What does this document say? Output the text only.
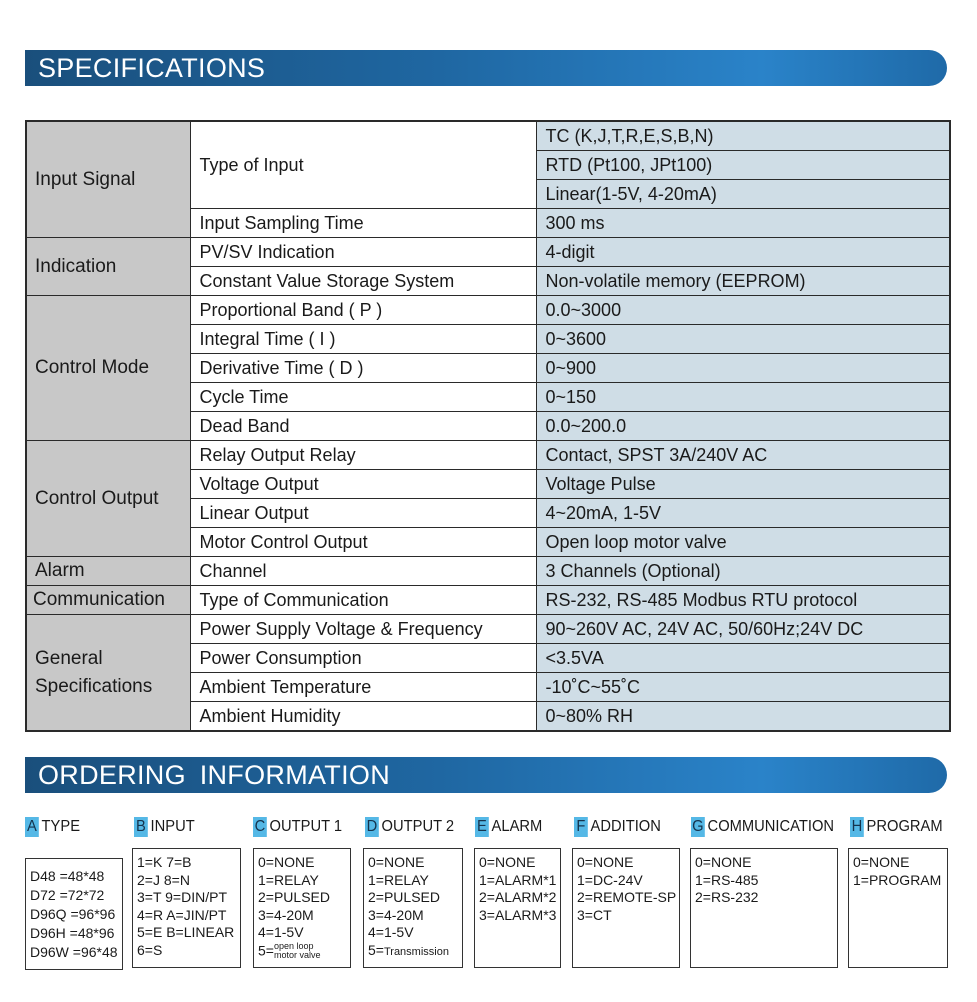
SPECIFICATIONS
Input Signal	Type of Input	TC (K,J,T,R,E,S,B,N)
		RTD (Pt100, JPt100)
		Linear(1-5V, 4-20mA)
	Input Sampling Time	300 ms
Indication	PV/SV Indication	4-digit
	Constant Value Storage System	Non-volatile memory (EEPROM)
Control Mode	Proportional Band ( P )	0.0~3000
	Integral Time ( I )	0~3600
	Derivative Time ( D )	0~900
	Cycle Time	0~150
	Dead Band	0.0~200.0
Control Output	Relay Output Relay	Contact, SPST 3A/240V AC
	Voltage Output	Voltage Pulse
	Linear Output	4~20mA, 1-5V
	Motor Control Output	Open loop motor valve
Alarm	Channel	3 Channels (Optional)
Communication	Type of Communication	RS-232, RS-485 Modbus RTU protocol
General
Specifications	Power Supply Voltage & Frequency	90~260V AC, 24V AC, 50/60Hz;24V DC
	Power Consumption	<3.5VA
	Ambient Temperature	-10˚C~55˚C
	Ambient Humidity	0~80% RH
ORDERING INFORMATION
A TYPE	B INPUT	C OUTPUT 1 D OUTPUT 2 E ALARM F ADDITION G COMMUNICATION H PROGRAM
D48 =48*48
D72 =72*72
D96Q =96*96
D96H =48*96
D96W =96*48
1=K 7=B
2=J 8=N
3=T 9=DIN/PT
4=R A=JIN/PT
5=E B=LINEAR
6=S
0=NONE
1=RELAY
2=PULSED
3=4-20M
4=1-5V
5= open loop
motor valve
0=NONE
1=RELAY
2=PULSED
3=4-20M
4=1-5V
5=Transmission
0=NONE
1=ALARM*1
2=ALARM*2
3=ALARM*3
0=NONE
1=DC-24V
2=REMOTE-SP
3=CT
0=NONE
1=RS-485
2=RS-232
0=NONE
1=PROGRAM
